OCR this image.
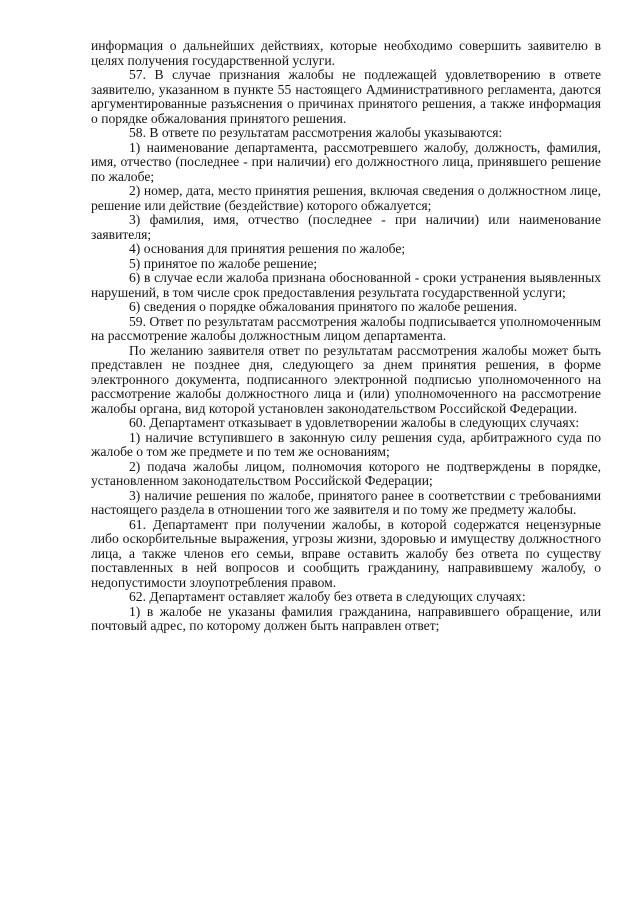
информация о дальнейших действиях, которые необходимо совершить заявителю в целях получения государственной услуги.

57. В случае признания жалобы не подлежащей удовлетворению в ответе заявителю, указанном в пункте 55 настоящего Административного регламента, даются аргументированные разъяснения о причинах принятого решения, а также информация о порядке обжалования принятого решения.

58. В ответе по результатам рассмотрения жалобы указываются:

1) наименование департамента, рассмотревшего жалобу, должность, фамилия, имя, отчество (последнее - при наличии) его должностного лица, принявшего решение по жалобе;

2) номер, дата, место принятия решения, включая сведения о должностном лице, решение или действие (бездействие) которого обжалуется;

3) фамилия, имя, отчество (последнее - при наличии) или наименование заявителя;

4) основания для принятия решения по жалобе;

5) принятое по жалобе решение;

6) в случае если жалоба признана обоснованной - сроки устранения выявленных нарушений, в том числе срок предоставления результата государственной услуги;

6) сведения о порядке обжалования принятого по жалобе решения.

59. Ответ по результатам рассмотрения жалобы подписывается уполномоченным на рассмотрение жалобы должностным лицом департамента.

По желанию заявителя ответ по результатам рассмотрения жалобы может быть представлен не позднее дня, следующего за днем принятия решения, в форме электронного документа, подписанного электронной подписью уполномоченного на рассмотрение жалобы должностного лица и (или) уполномоченного на рассмотрение жалобы органа, вид которой установлен законодательством Российской Федерации.

60. Департамент отказывает в удовлетворении жалобы в следующих случаях:

1) наличие вступившего в законную силу решения суда, арбитражного суда по жалобе о том же предмете и по тем же основаниям;

2) подача жалобы лицом, полномочия которого не подтверждены в порядке, установленном законодательством Российской Федерации;

3) наличие решения по жалобе, принятого ранее в соответствии с требованиями настоящего раздела в отношении того же заявителя и по тому же предмету жалобы.

61. Департамент при получении жалобы, в которой содержатся нецензурные либо оскорбительные выражения, угрозы жизни, здоровью и имуществу должностного лица, а также членов его семьи, вправе оставить жалобу без ответа по существу поставленных в ней вопросов и сообщить гражданину, направившему жалобу, о недопустимости злоупотребления правом.

62. Департамент оставляет жалобу без ответа в следующих случаях:

1) в жалобе не указаны фамилия гражданина, направившего обращение, или почтовый адрес, по которому должен быть направлен ответ;
